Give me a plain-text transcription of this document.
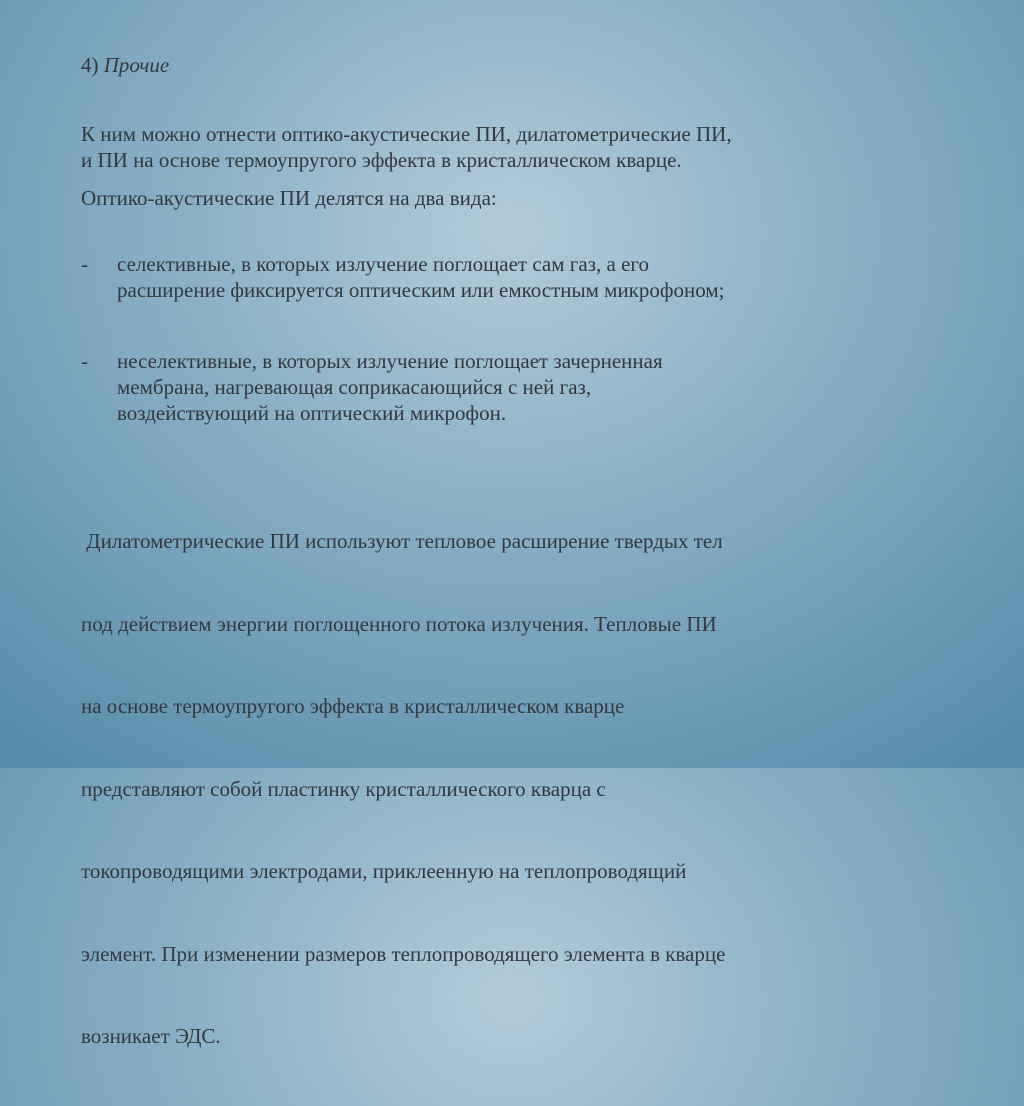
4) Прочие

К ним можно отнести оптико-акустические ПИ, дилатометрические ПИ,
и ПИ на основе термоупругого эффекта в кристаллическом кварце.

Оптико-акустические ПИ делятся на два вида:

- селективные, в которых излучение поглощает сам газ, а его
расширение фиксируется оптическим или емкостным микрофоном;

- неселективные, в которых излучение поглощает зачерненная
мембрана, нагревающая соприкасающийся с ней газ,
воздействующий на оптический микрофон.

Дилатометрические ПИ используют тепловое расширение твердых тел

под действием энергии поглощенного потока излучения. Тепловые ПИ

на основе термоупругого эффекта в кристаллическом кварце

представляют собой пластинку кристаллического кварца с

токопроводящими электродами, приклеенную на теплопроводящий

элемент. При изменении размеров теплопроводящего элемента в кварце

возникает ЭДС.
